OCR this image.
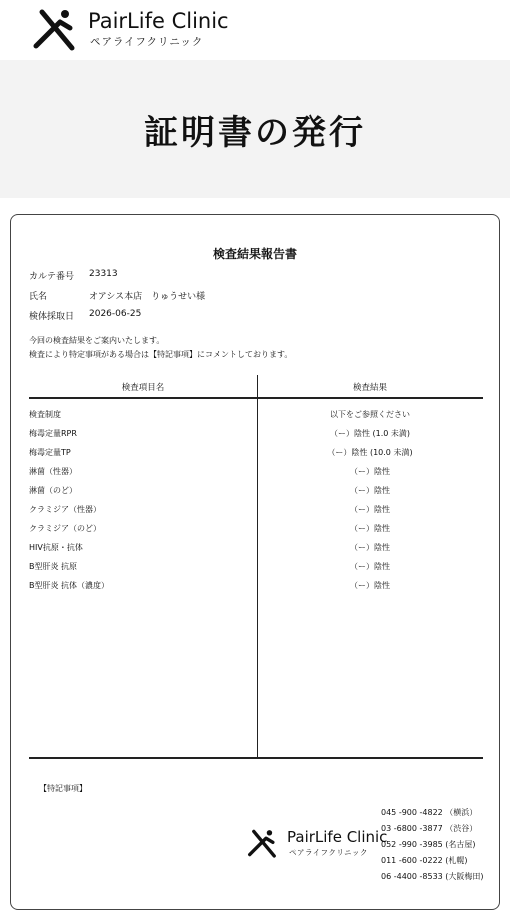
PairLife Clinic
ペアライフクリニック
証明書の発行
検査結果報告書
カルテ番号	23313
氏名	オアシス本店　りゅうせい様
検体採取日	2026-06-25
今回の検査結果をご案内いたします。
検査により特定事項がある場合は【特記事項】にコメントしております。
検査項目名	検査結果
検査制度	以下をご参照ください
梅毒定量RPR	（ー）陰性 (1.0 未満)
梅毒定量TP	（ー）陰性 (10.0 未満)
淋菌（性器）	（ー）陰性
淋菌（のど）	（ー）陰性
クラミジア（性器）	（ー）陰性
クラミジア（のど）	（ー）陰性
HIV抗原・抗体	（ー）陰性
B型肝炎 抗原	（ー）陰性
B型肝炎 抗体（濃度）	（ー）陰性
【特記事項】
PairLife Clinic
ペアライフクリニック
045 -900 -4822 （横浜）
03 -6800 -3877 （渋谷）
052 -990 -3985 (名古屋)
011 -600 -0222 (札幌)
06 -4400 -8533 (大阪梅田)
